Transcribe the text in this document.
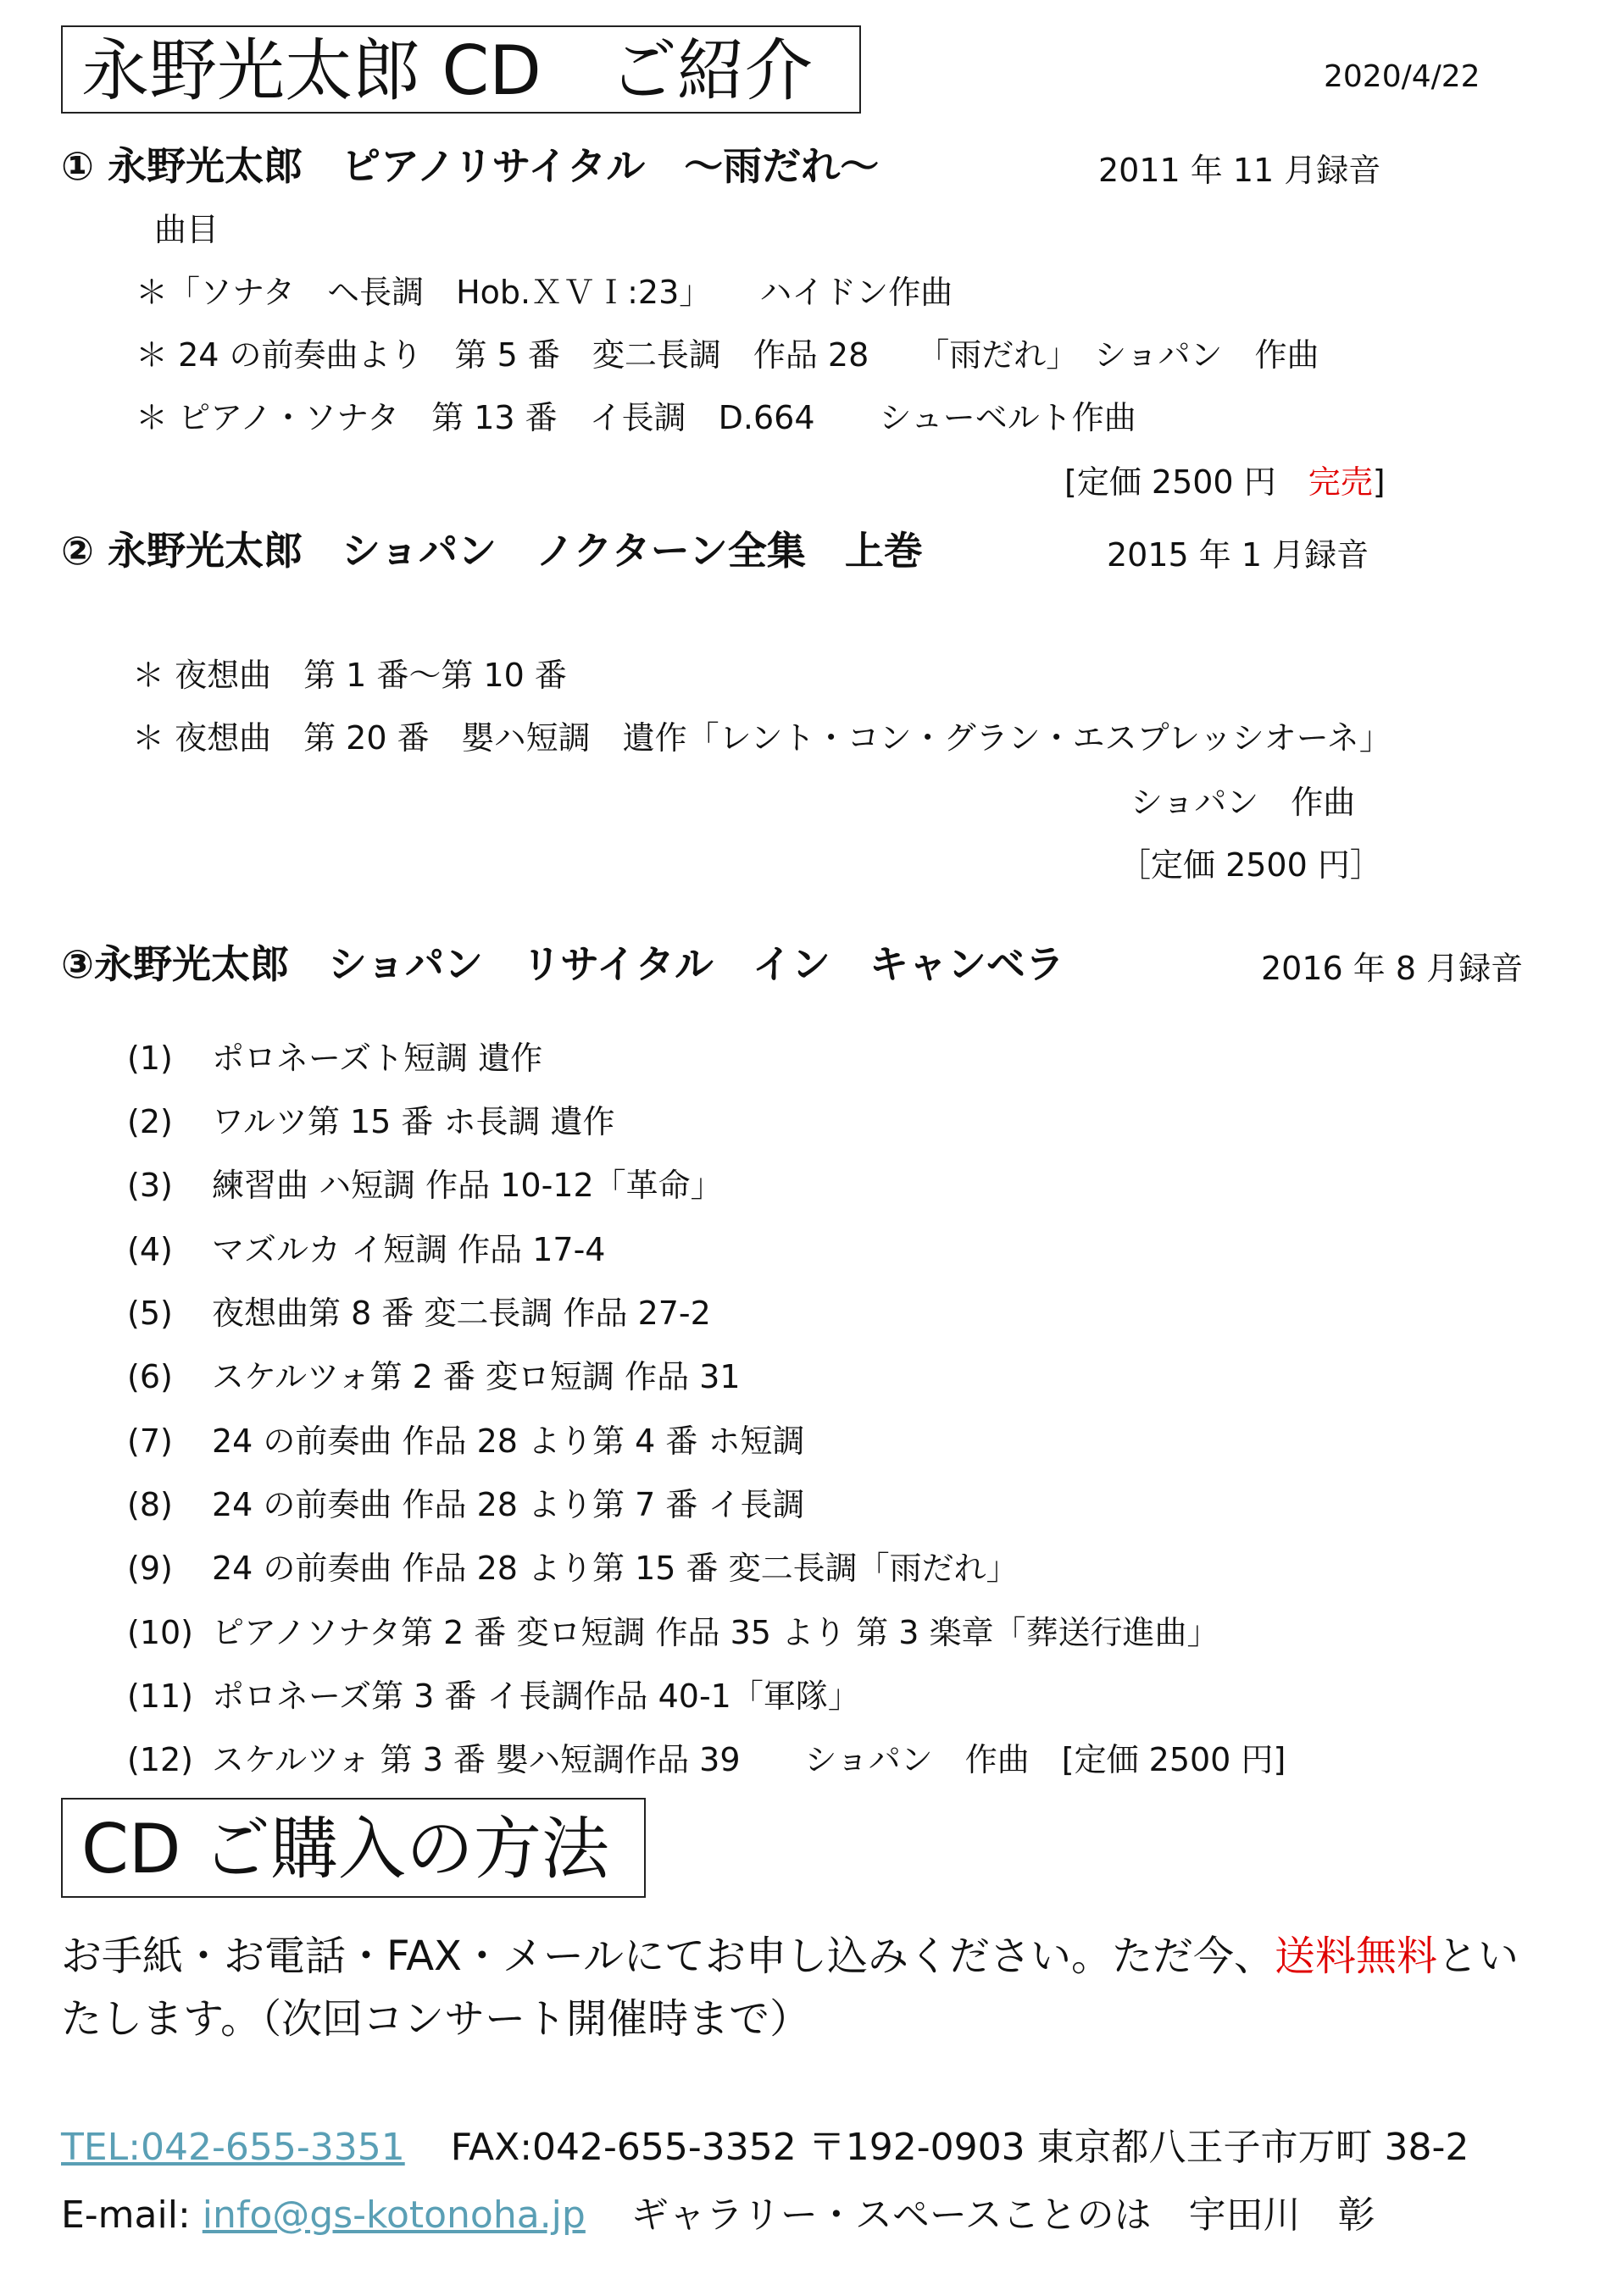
永野光太郎 CD　ご紹介	2020/4/22
① 永野光太郎　ピアノリサイタル　～雨だれ～	2011 年 11 月録音
曲目
＊「ソナタ　ヘ長調　Hob.ＸＶＩ:23」　　ハイドン作曲
＊ 24 の前奏曲より　第 5 番　変二長調　作品 28　　「雨だれ」　ショパン　作曲
＊ ピアノ・ソナタ　第 13 番　イ長調　D.664　　シューベルト作曲
[定価 2500 円　完売]
② 永野光太郎　ショパン　ノクターン全集　上巻	2015 年 1 月録音
＊ 夜想曲　第 1 番～第 10 番
＊ 夜想曲　第 20 番　嬰ハ短調　遺作「レント・コン・グラン・エスプレッシオーネ」
ショパン　作曲
［定価 2500 円］
③永野光太郎　ショパン　リサイタル　イン　キャンベラ	2016 年 8 月録音
(1) ポロネーズト短調 遺作
(2) ワルツ第 15 番 ホ長調 遺作
(3) 練習曲 ハ短調 作品 10-12「革命」
(4) マズルカ イ短調 作品 17-4
(5) 夜想曲第 8 番 変二長調 作品 27-2
(6) スケルツォ第 2 番 変ロ短調 作品 31
(7) 24 の前奏曲 作品 28 より第 4 番 ホ短調
(8) 24 の前奏曲 作品 28 より第 7 番 イ長調
(9) 24 の前奏曲 作品 28 より第 15 番 変二長調「雨だれ」
(10) ピアノソナタ第 2 番 変ロ短調 作品 35 より 第 3 楽章「葬送行進曲」
(11) ポロネーズ第 3 番 イ長調作品 40-1「軍隊」
(12) スケルツォ 第 3 番 嬰ハ短調作品 39　　ショパン　作曲　[定価 2500 円]
CD ご購入の方法
お手紙・お電話・FAX・メールにてお申し込みください。ただ今、送料無料とい
たします。（次回コンサート開催時まで）
TEL:042-655-3351 FAX:042-655-3352 〒192-0903 東京都八王子市万町 38-2
E-mail: info@gs-kotonoha.jp ギャラリー・スペースことのは　宇田川　彰
